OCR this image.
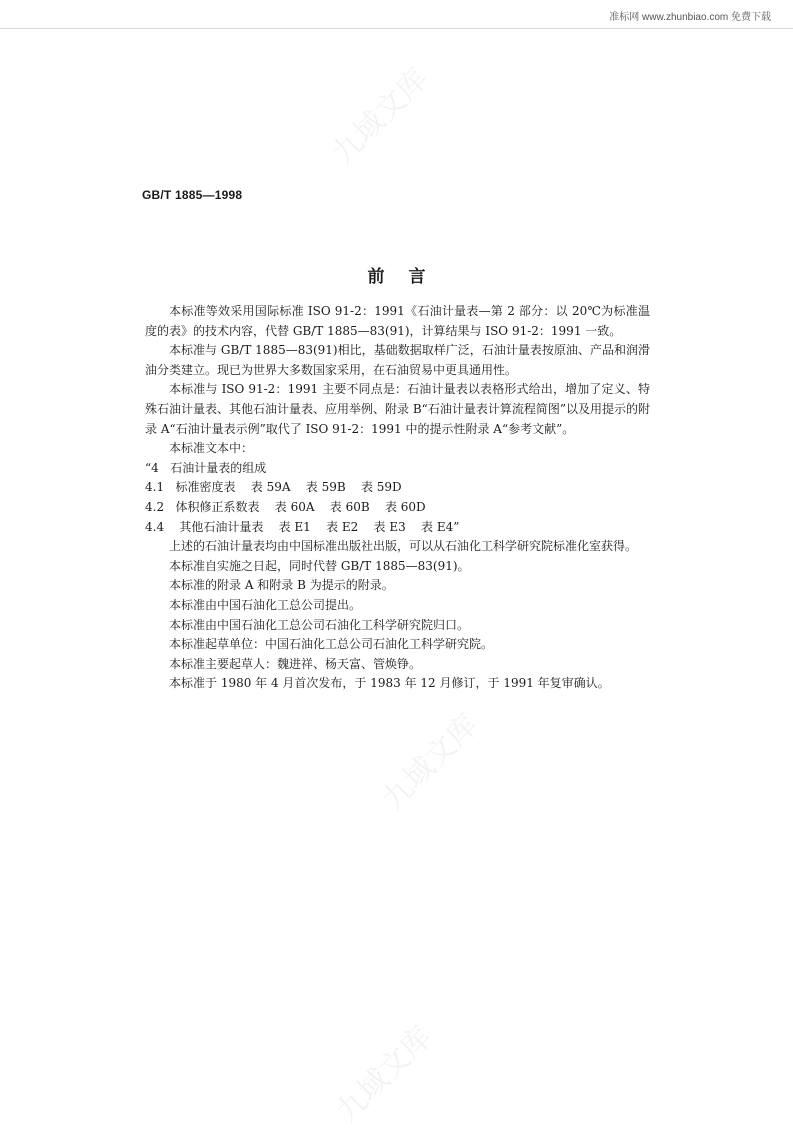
准标网 www.zhunbiao.com 免费下载
九域文库
九域文库
九域文库
GB/T 1885—1998
前言

本标准等效采用国际标准 ISO 91-2：1991《石油计量表—第 2 部分：以 20℃为标准温度的表》的技术内容，代替 GB/T 1885—83(91)，计算结果与 ISO 91-2：1991 一致。

本标准与 GB/T 1885—83(91)相比，基础数据取样广泛，石油计量表按原油、产品和润滑油分类建立。现已为世界大多数国家采用，在石油贸易中更具通用性。

本标准与 ISO 91-2：1991 主要不同点是：石油计量表以表格形式给出，增加了定义、特殊石油计量表、其他石油计量表、应用举例、附录 B“石油计量表计算流程简图”以及用提示的附录 A“石油计量表示例”取代了 ISO 91-2：1991 中的提示性附录 A“参考文献”。

本标准文本中：

“4   石油计量表的组成

4.1   标准密度表    表 59A    表 59B    表 59D

4.2   体积修正系数表    表 60A    表 60B    表 60D

4.4    其他石油计量表    表 E1    表 E2    表 E3    表 E4”

上述的石油计量表均由中国标准出版社出版，可以从石油化工科学研究院标准化室获得。

本标准自实施之日起，同时代替 GB/T 1885—83(91)。

本标准的附录 A 和附录 B 为提示的附录。

本标准由中国石油化工总公司提出。

本标准由中国石油化工总公司石油化工科学研究院归口。

本标准起草单位：中国石油化工总公司石油化工科学研究院。

本标准主要起草人：魏进祥、杨天富、管焕铮。

本标准于 1980 年 4 月首次发布，于 1983 年 12 月修订，于 1991 年复审确认。
